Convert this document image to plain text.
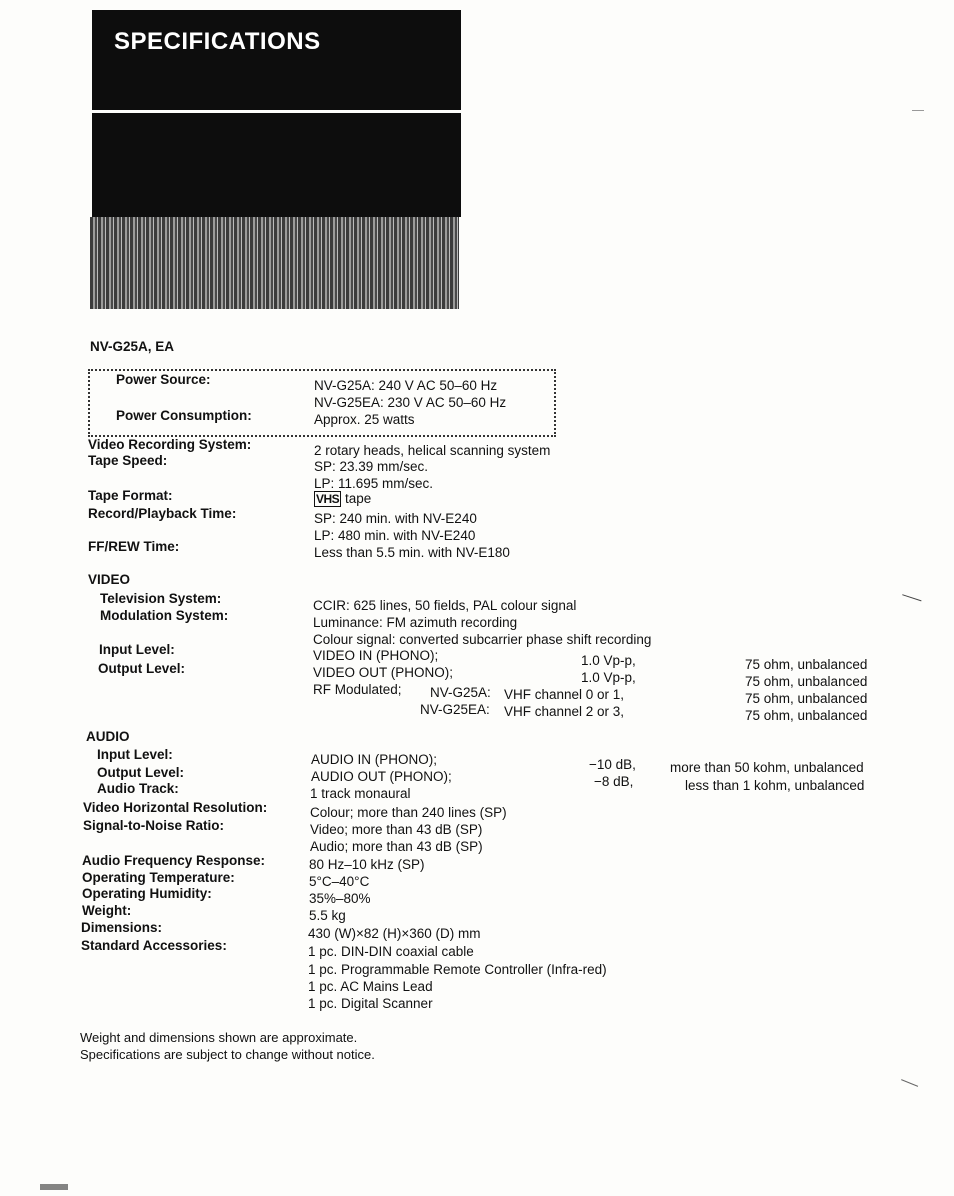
SPECIFICATIONS
NV-G25A, EA
Power Source:	NV-G25A: 240 V AC 50–60 Hz
NV-G25EA: 230 V AC 50–60 Hz
Power Consumption:	Approx. 25 watts
Video Recording System:	2 rotary heads, helical scanning system
Tape Speed:	SP: 23.39 mm/sec.
LP: 11.695 mm/sec.
Tape Format:	VHS tape
Record/Playback Time:	SP: 240 min. with NV-E240
LP: 480 min. with NV-E240
FF/REW Time:	Less than 5.5 min. with NV-E180
VIDEO
Television System:	CCIR: 625 lines, 50 fields, PAL colour signal
Modulation System:	Luminance: FM azimuth recording
Colour signal: converted subcarrier phase shift recording
Input Level:	VIDEO IN (PHONO);	1.0 Vp-p,	75 ohm, unbalanced
Output Level:	VIDEO OUT (PHONO);	1.0 Vp-p,	75 ohm, unbalanced
RF Modulated; NV-G25A: VHF channel 0 or 1,	75 ohm, unbalanced
NV-G25EA: VHF channel 2 or 3,	75 ohm, unbalanced
AUDIO
Input Level:	AUDIO IN (PHONO);	−10 dB,	more than 50 kohm, unbalanced
Output Level:	AUDIO OUT (PHONO);	−8 dB,	less than 1 kohm, unbalanced
Audio Track:	1 track monaural
Video Horizontal Resolution:	Colour; more than 240 lines (SP)
Signal-to-Noise Ratio:	Video; more than 43 dB (SP)
Audio; more than 43 dB (SP)
Audio Frequency Response:	80 Hz–10 kHz (SP)
Operating Temperature:	5°C–40°C
Operating Humidity:	35%–80%
Weight:	5.5 kg
Dimensions:	430 (W)×82 (H)×360 (D) mm
Standard Accessories:	1 pc. DIN-DIN coaxial cable
1 pc. Programmable Remote Controller (Infra-red)
1 pc. AC Mains Lead
1 pc. Digital Scanner
Weight and dimensions shown are approximate.
Specifications are subject to change without notice.
